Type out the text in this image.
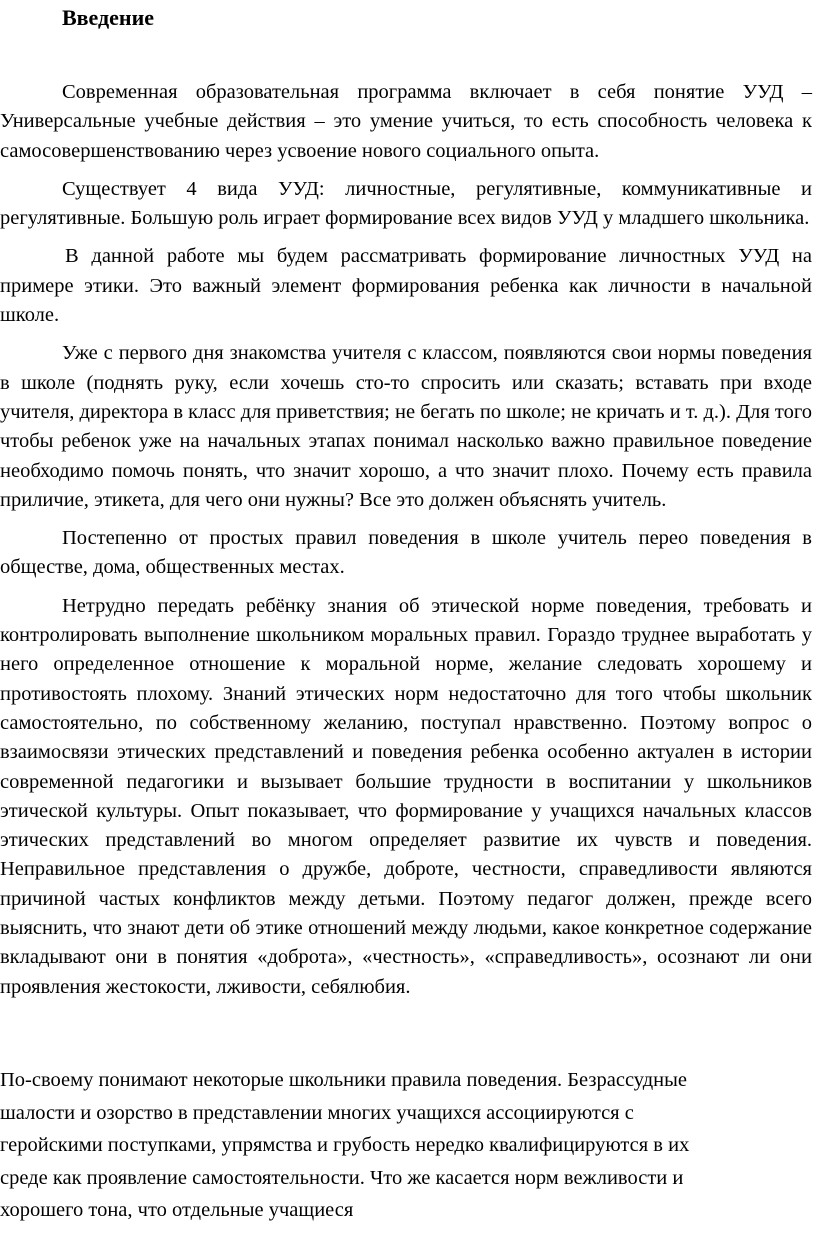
Введение

Современная образовательная программа включает в себя понятие УУД – Универсальные учебные действия – это умение учиться, то есть способность человека к самосовершенствованию через усвоение нового социального опыта.

Существует 4 вида УУД: личностные, регулятивные, коммуникативные и регулятивные. Большую роль играет формирование всех видов УУД у младшего школьника.

В данной работе мы будем рассматривать формирование личностных УУД на примере этики. Это важный элемент формирования ребенка как личности в начальной школе.

Уже с первого дня знакомства учителя с классом, появляются свои нормы поведения в школе (поднять руку, если хочешь сто-то спросить или сказать; вставать при входе учителя, директора в класс для приветствия; не бегать по школе; не кричать и т. д.). Для того чтобы ребенок уже на начальных этапах понимал насколько важно правильное поведение необходимо помочь понять, что значит хорошо, а что значит плохо. Почему есть правила приличие, этикета, для чего они нужны? Все это должен объяснять учитель.

Постепенно от простых правил поведения в школе учитель перео поведения в обществе, дома, общественных местах.

Нетрудно передать ребёнку знания об этической норме поведения, требовать и контролировать выполнение школьником моральных правил. Гораздо труднее выработать у него определенное отношение к моральной норме, желание следовать хорошему и противостоять плохому. Знаний этических норм недостаточно для того чтобы школьник самостоятельно, по собственному желанию, поступал нравственно. Поэтому вопрос о взаимосвязи этических представлений и поведения ребенка особенно актуален в истории современной педагогики и вызывает большие трудности в воспитании у школьников этической культуры. Опыт показывает, что формирование у учащихся начальных классов этических представлений во многом определяет развитие их чувств и поведения. Неправильное представления о дружбе, доброте, честности, справедливости являются причиной частых конфликтов между детьми. Поэтому педагог должен, прежде всего выяснить, что знают дети об этике отношений между людьми, какое конкретное содержание вкладывают они в понятия «доброта», «честность», «справедливость», осознают ли они проявления жестокости, лживости, себялюбия.

По-своему понимают некоторые школьники правила поведения. Безрассудные

шалости и озорство в представлении многих учащихся ассоциируются с

геройскими поступками, упрямства и грубость нередко квалифицируются в их

среде как проявление самостоятельности. Что же касается норм вежливости и

хорошего тона, что отдельные учащиеся
